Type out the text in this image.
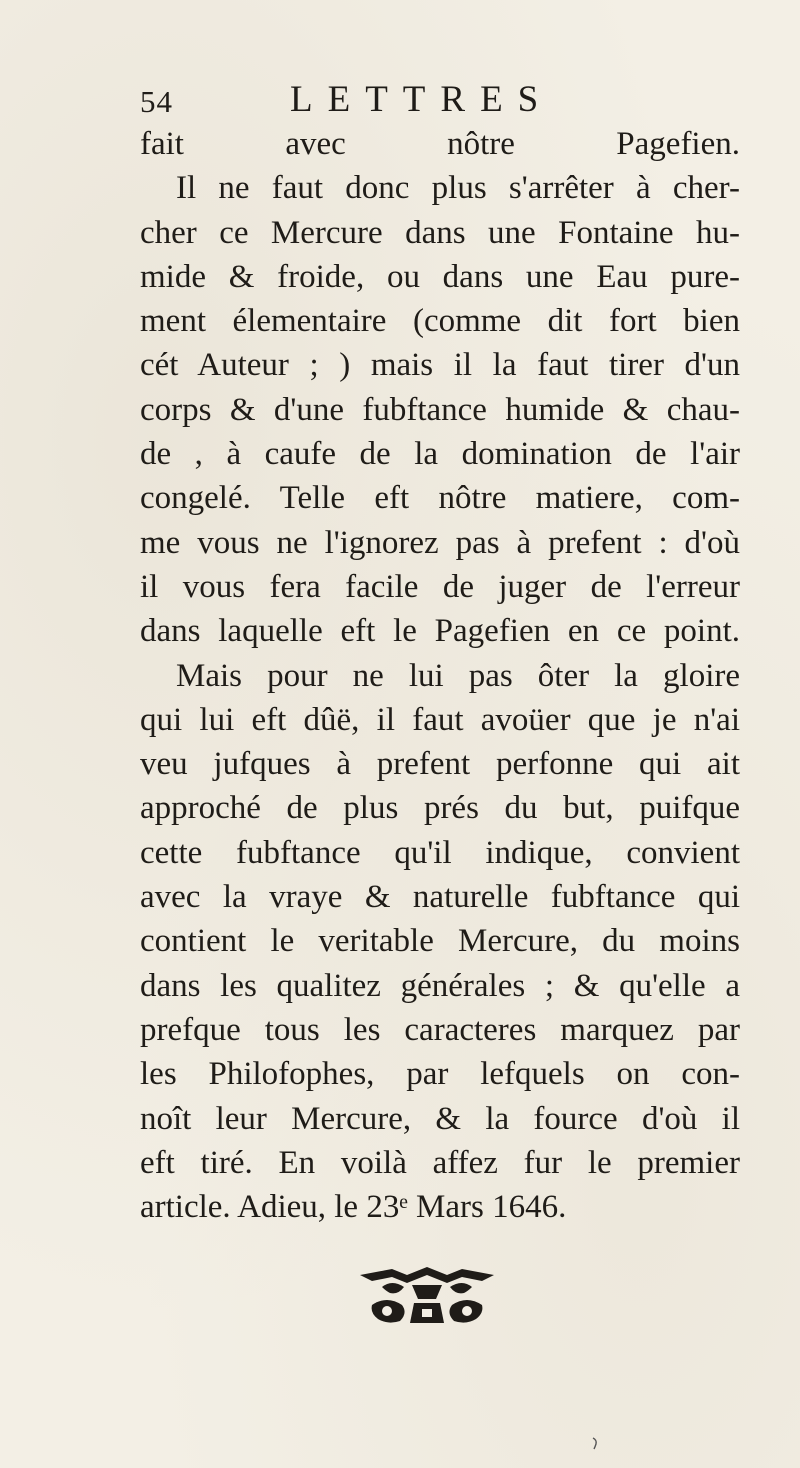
54	LETTRES
fait avec nôtre Pagefien.
Il ne faut donc plus s'arrêter à cher-
cher ce Mercure dans une Fontaine hu-
mide & froide, ou dans une Eau pure-
ment élementaire (comme dit fort bien
cét Auteur ; ) mais il la faut tirer d'un
corps & d'une fubftance humide & chau-
de , à caufe de la domination de l'air
congelé. Telle eft nôtre matiere, com-
me vous ne l'ignorez pas à prefent : d'où
il vous fera facile de juger de l'erreur
dans laquelle eft le Pagefien en ce point.
Mais pour ne lui pas ôter la gloire
qui lui eft dûë, il faut avoüer que je n'ai
veu jufques à prefent perfonne qui ait
approché de plus prés du but, puifque
cette fubftance qu'il indique, convient
avec la vraye & naturelle fubftance qui
contient le veritable Mercure, du moins
dans les qualitez générales ; & qu'elle a
prefque tous les caracteres marquez par
les Philofophes, par lefquels on con-
noît leur Mercure, & la fource d'où il
eft tiré. En voilà affez fur le premier
article. Adieu, le 23ᵉ Mars 1646.
